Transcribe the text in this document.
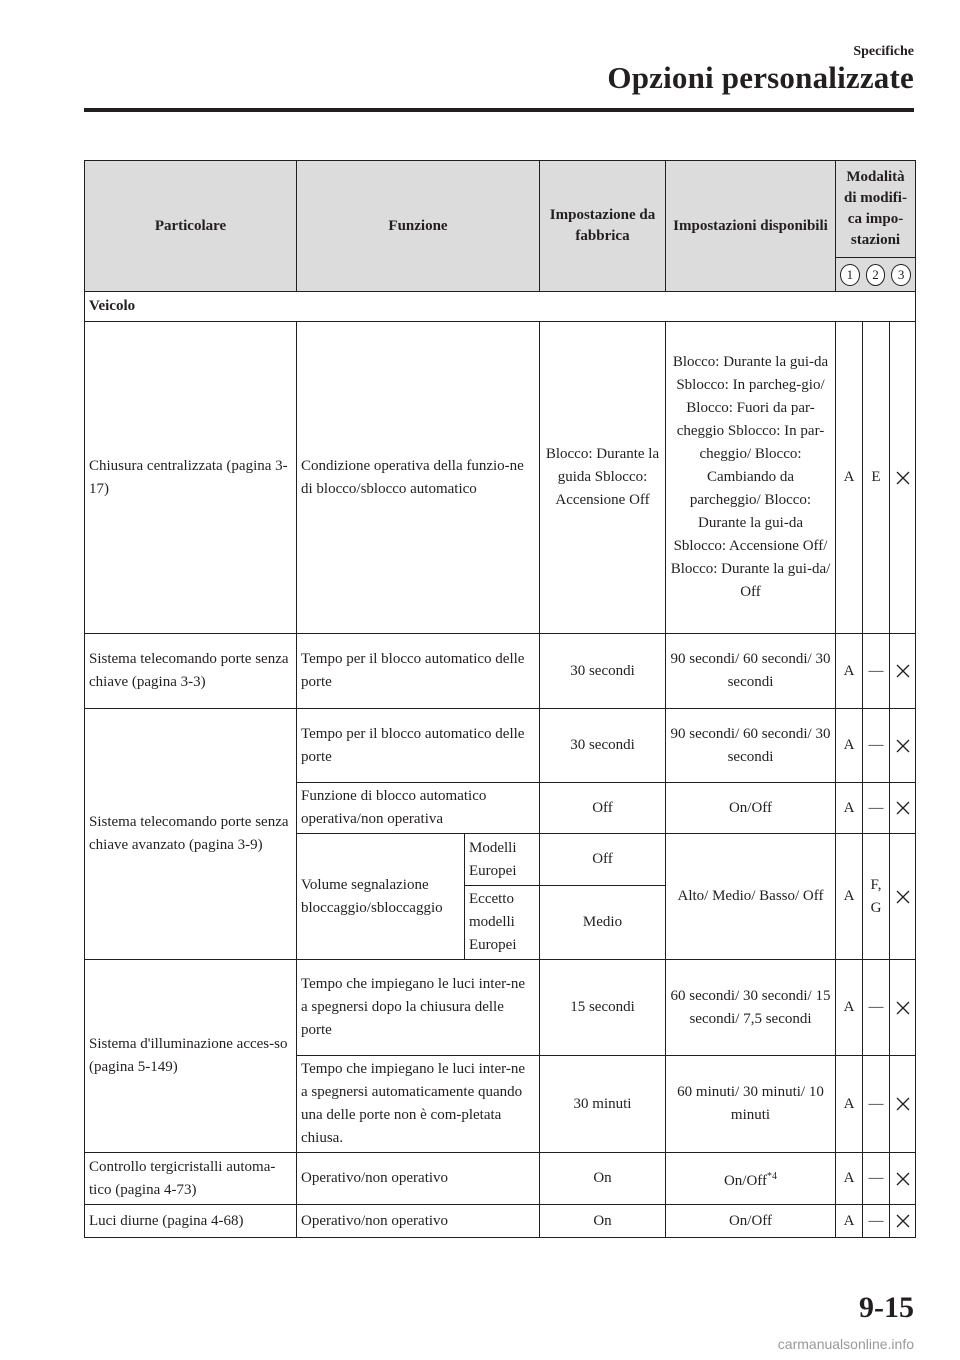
Specifiche
Opzioni personalizzate
Particolare	Funzione		Impostazione da fabbrica	Impostazioni disponibili	Modalità di modifi-ca impo-stazioni		

					1 2 3		

Veicolo							
Chiusura centralizzata (pagina 3-17)	Condizione operativa della funzio-ne di blocco/sblocco automatico		Blocco: Durante la guida Sblocco: Accensione Off	Blocco: Durante la gui-da Sblocco: In parcheg-gio/ Blocco: Fuori da par-cheggio Sblocco: In par-cheggio/ Blocco: Cambiando da parcheggio/ Blocco: Durante la gui-da Sblocco: Accensione Off/ Blocco: Durante la gui-da/ Off	A	E	
Sistema telecomando porte senza chiave (pagina 3-3)	Tempo per il blocco automatico delle porte		30 secondi	90 secondi/ 60 secondi/ 30 secondi	A	—	
Sistema telecomando porte senza chiave avanzato (pagina 3-9)	Tempo per il blocco automatico delle porte		30 secondi	90 secondi/ 60 secondi/ 30 secondi	A	—	
	Funzione di blocco automatico operativa/non operativa		Off	On/Off	A	—	
	Volume segnalazione bloccaggio/sbloccaggio	Modelli Europei	Off	Alto/ Medio/ Basso/ Off	A	F, G	
		Eccetto modelli Europei	Medio				
Sistema d'illuminazione acces-so (pagina 5-149)	Tempo che impiegano le luci inter-ne a spegnersi dopo la chiusura delle porte		15 secondi	60 secondi/ 30 secondi/ 15 secondi/ 7,5 secondi	A	—	
	Tempo che impiegano le luci inter-ne a spegnersi automaticamente quando una delle porte non è com-pletata chiusa.		30 minuti	60 minuti/ 30 minuti/ 10 minuti	A	—	
Controllo tergicristalli automa-tico (pagina 4-73)	Operativo/non operativo		On	On/Off$^{*4}$	A	—	
Luci diurne (pagina 4-68)	Operativo/non operativo		On	On/Off	A	—	
9-15
carmanualsonline.info
